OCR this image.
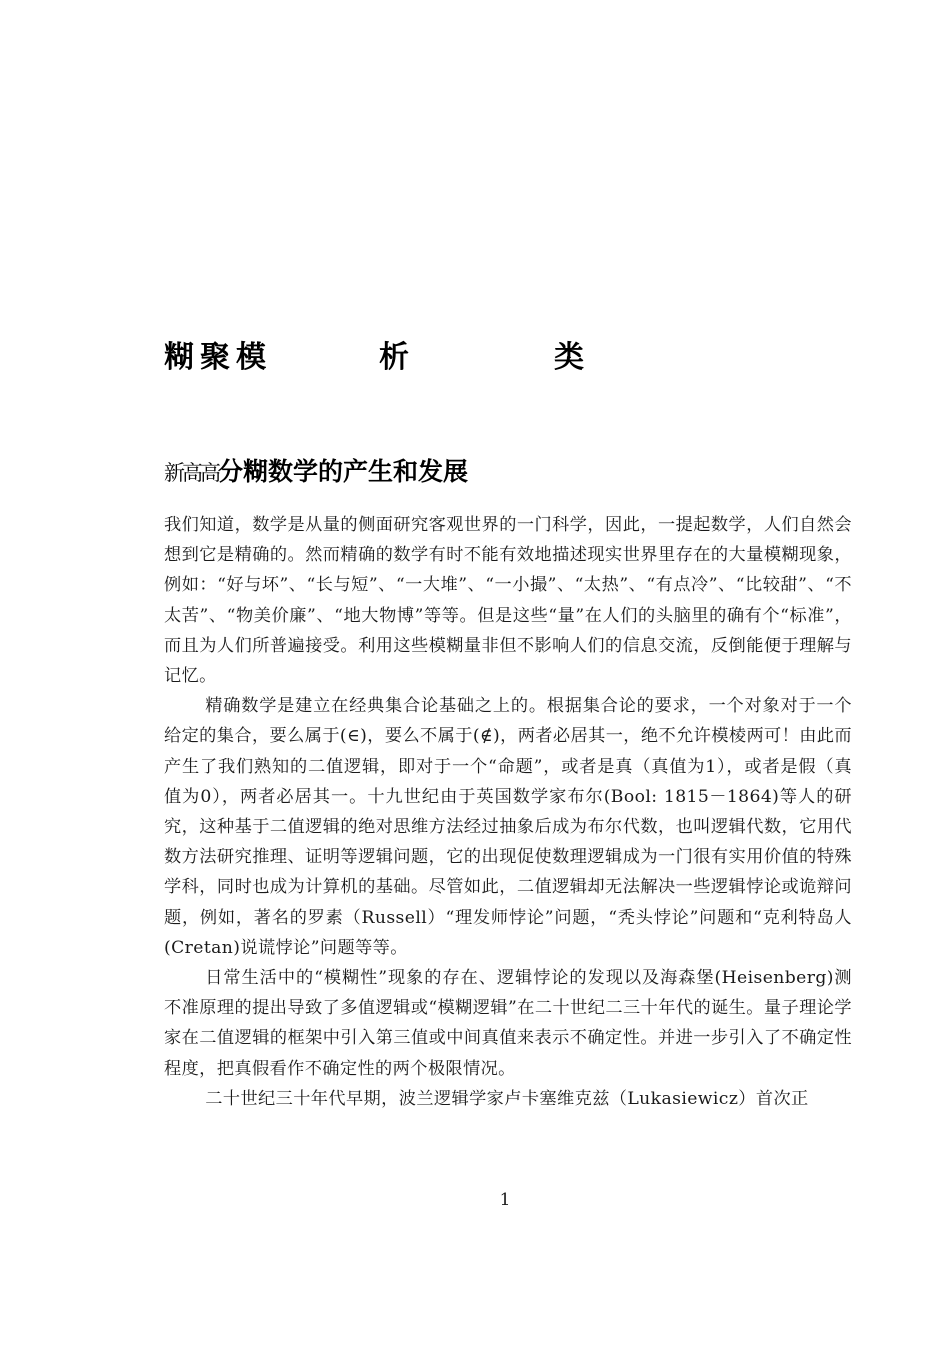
糊聚模	析	类
新高高分糊数学的产生和发展

我们知道，数学是从量的侧面研究客观世界的一门科学，因此，一提起数学，人们自然会想到它是精确的。然而精确的数学有时不能有效地描述现实世界里存在的大量模糊现象，例如：“好与坏”、“长与短”、“一大堆”、“一小撮”、“太热”、“有点冷”、“比较甜”、“不太苦”、“物美价廉”、“地大物博”等等。但是这些“量”在人们的头脑里的确有个“标准”，而且为人们所普遍接受。利用这些模糊量非但不影响人们的信息交流，反倒能便于理解与记忆。

精确数学是建立在经典集合论基础之上的。根据集合论的要求，一个对象对于一个给定的集合，要么属于(∈)，要么不属于(∉)，两者必居其一，绝不允许模棱两可！由此而产生了我们熟知的二值逻辑，即对于一个“命题”，或者是真（真值为1），或者是假（真值为0），两者必居其一。十九世纪由于英国数学家布尔(Bool: 1815－1864)等人的研究，这种基于二值逻辑的绝对思维方法经过抽象后成为布尔代数，也叫逻辑代数，它用代数方法研究推理、证明等逻辑问题，它的出现促使数理逻辑成为一门很有实用价值的特殊学科，同时也成为计算机的基础。尽管如此，二值逻辑却无法解决一些逻辑悖论或诡辩问题，例如，著名的罗素（Russell）“理发师悖论”问题，“秃头悖论”问题和“克利特岛人(Cretan)说谎悖论”问题等等。

日常生活中的“模糊性”现象的存在、逻辑悖论的发现以及海森堡(Heisenberg)测不准原理的提出导致了多值逻辑或“模糊逻辑”在二十世纪二三十年代的诞生。量子理论学家在二值逻辑的框架中引入第三值或中间真值来表示不确定性。并进一步引入了不确定性程度，把真假看作不确定性的两个极限情况。

二十世纪三十年代早期，波兰逻辑学家卢卡塞维克兹（Lukasiewicz）首次正

1
